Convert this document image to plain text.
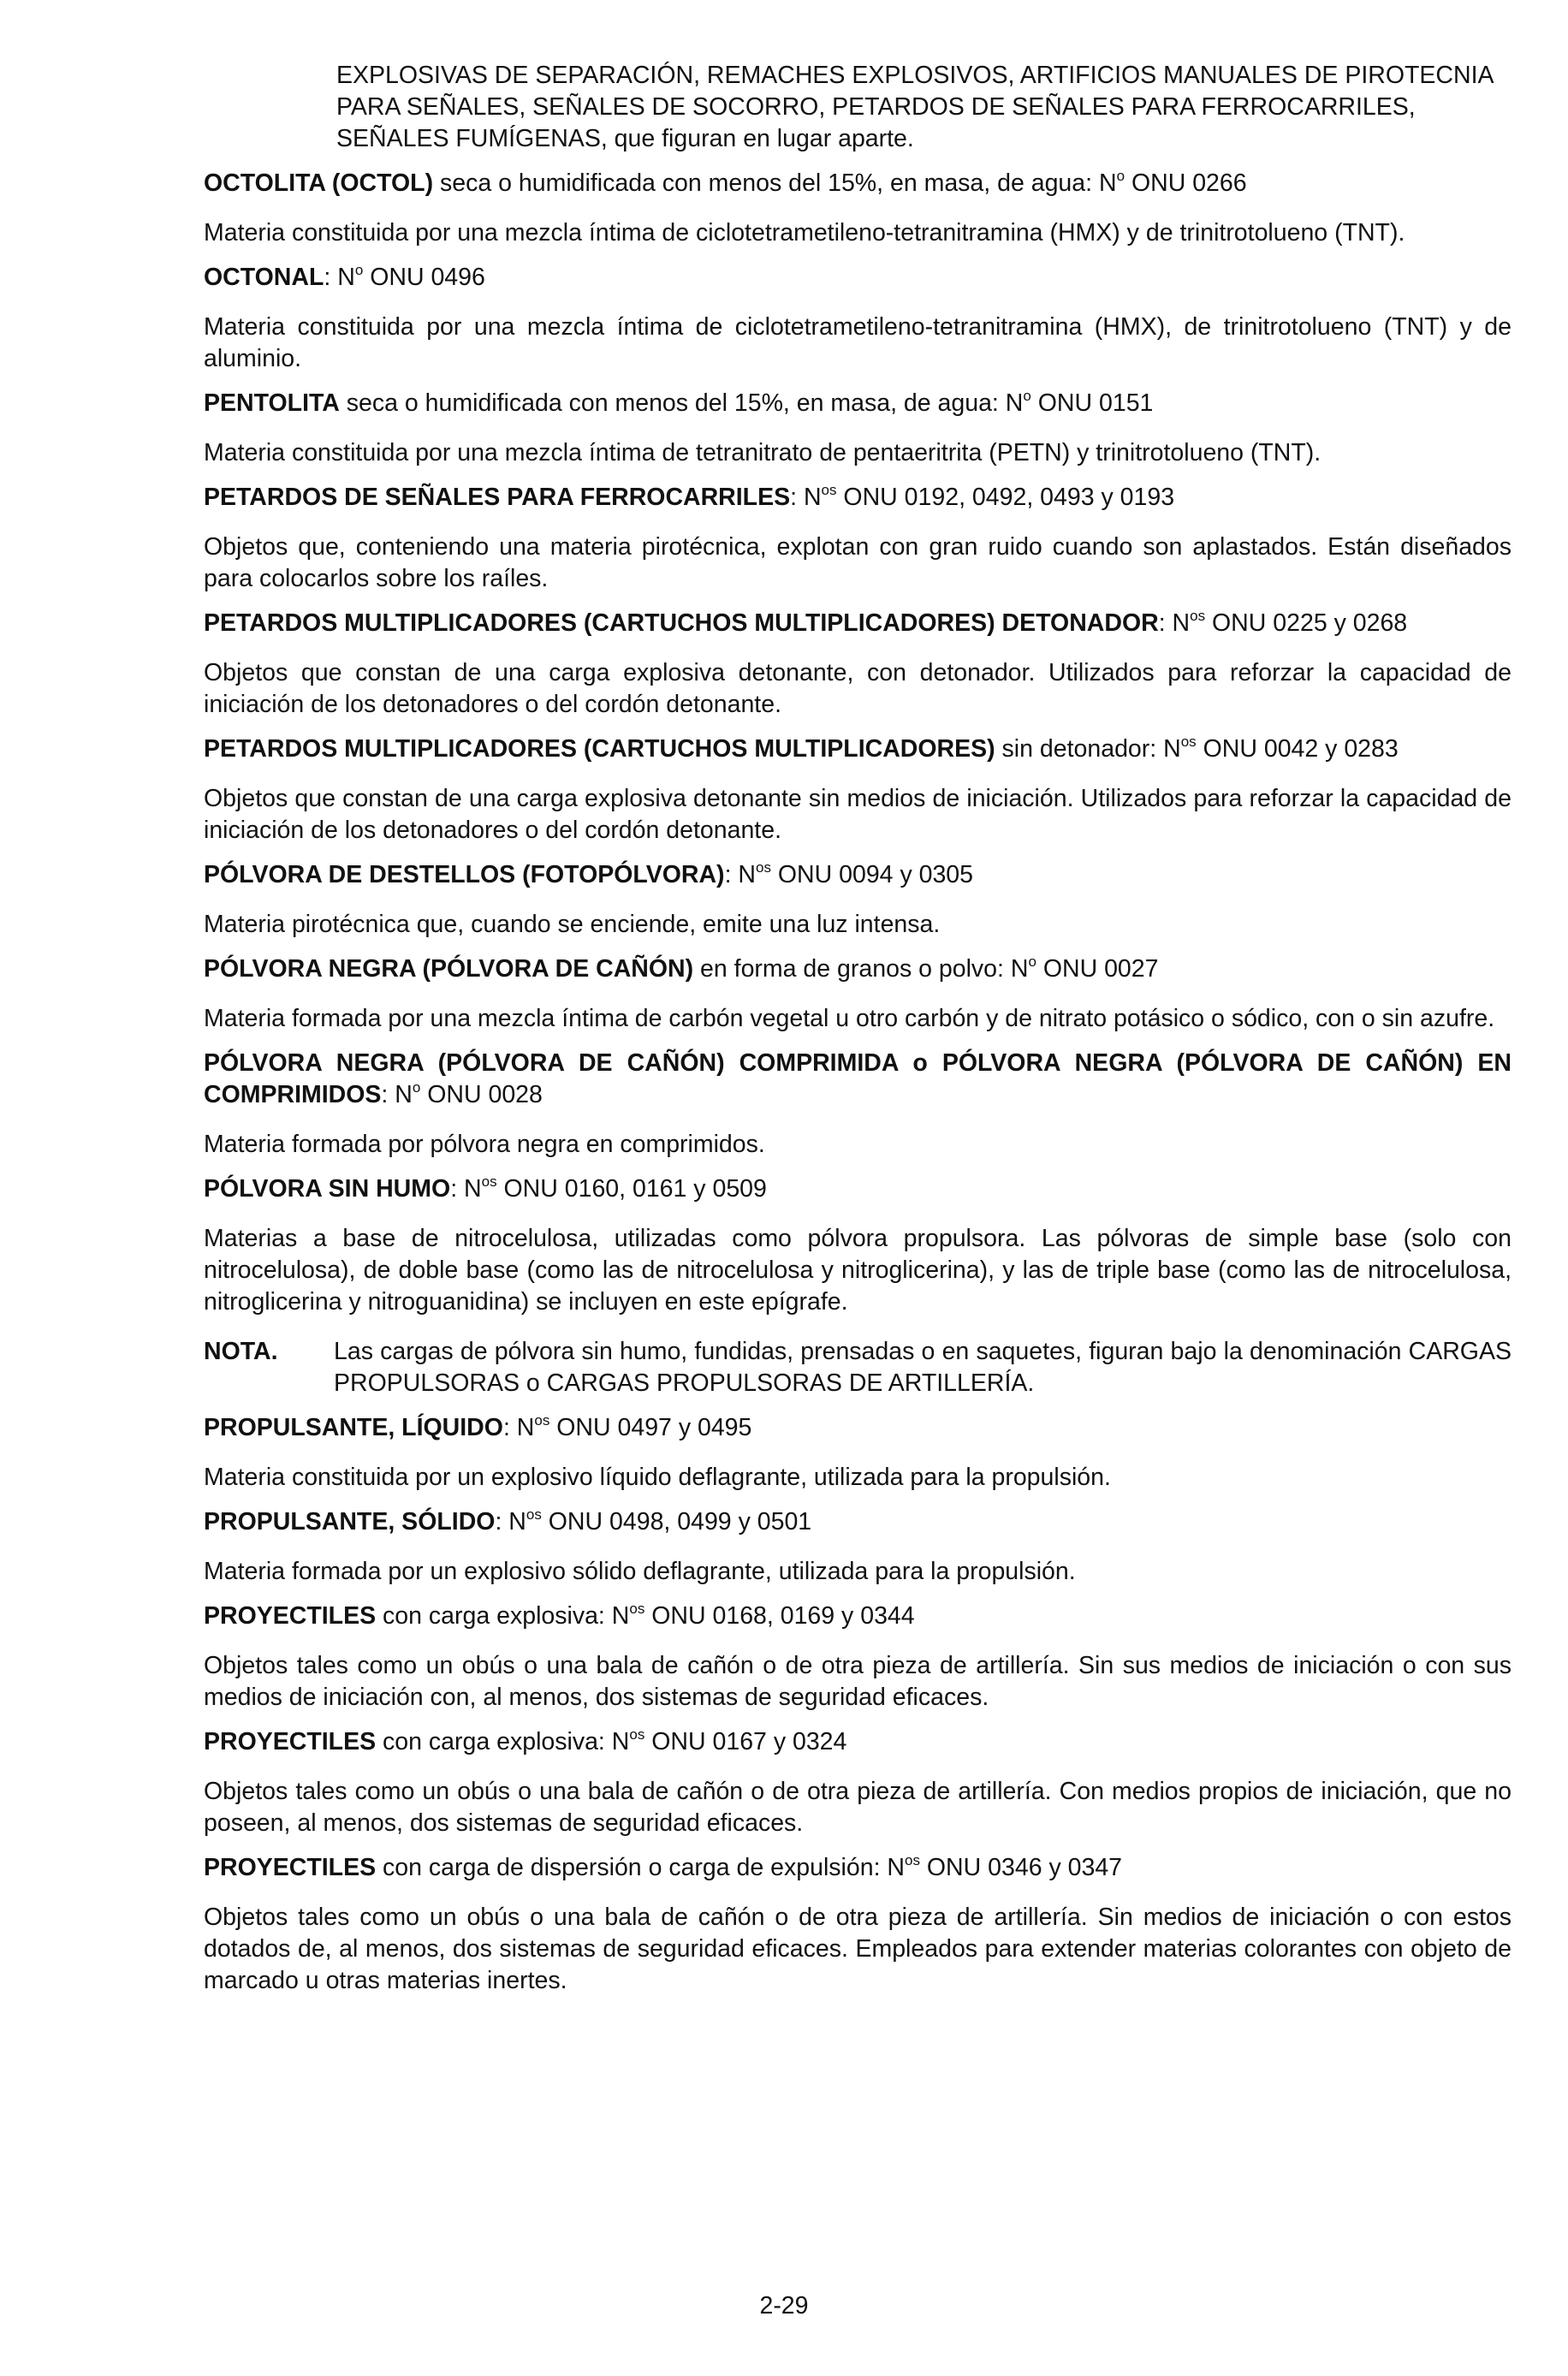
EXPLOSIVAS DE SEPARACIÓN, REMACHES EXPLOSIVOS, ARTIFICIOS MANUALES DE PIROTECNIA PARA SEÑALES, SEÑALES DE SOCORRO, PETARDOS DE SEÑALES PARA FERROCARRILES, SEÑALES FUMÍGENAS, que figuran en lugar aparte.

OCTOLITA (OCTOL) seca o humidificada con menos del 15%, en masa, de agua: $N^o$ ONU 0266

Materia constituida por una mezcla íntima de ciclotetrametileno-tetranitramina (HMX) y de trinitrotolueno (TNT).

OCTONAL: $N^o$ ONU 0496

Materia constituida por una mezcla íntima de ciclotetrametileno-tetranitramina (HMX), de trinitrotolueno (TNT) y de aluminio.

PENTOLITA seca o humidificada con menos del 15%, en masa, de agua: $N^o$ ONU 0151

Materia constituida por una mezcla íntima de tetranitrato de pentaeritrita (PETN) y trinitrotolueno (TNT).

PETARDOS DE SEÑALES PARA FERROCARRILES: $N^{os}$ ONU 0192, 0492, 0493 y 0193

Objetos que, conteniendo una materia pirotécnica, explotan con gran ruido cuando son aplastados. Están diseñados para colocarlos sobre los raíles.

PETARDOS MULTIPLICADORES (CARTUCHOS MULTIPLICADORES) DETONADOR: $N^{os}$ ONU 0225 y 0268

Objetos que constan de una carga explosiva detonante, con detonador. Utilizados para reforzar la capacidad de iniciación de los detonadores o del cordón detonante.

PETARDOS MULTIPLICADORES (CARTUCHOS MULTIPLICADORES) sin detonador: $N^{os}$ ONU 0042 y 0283

Objetos que constan de una carga explosiva detonante sin medios de iniciación. Utilizados para reforzar la capacidad de iniciación de los detonadores o del cordón detonante.

PÓLVORA DE DESTELLOS (FOTOPÓLVORA): $N^{os}$ ONU 0094 y 0305

Materia pirotécnica que, cuando se enciende, emite una luz intensa.

PÓLVORA NEGRA (PÓLVORA DE CAÑÓN) en forma de granos o polvo: $N^o$ ONU 0027

Materia formada por una mezcla íntima de carbón vegetal u otro carbón y de nitrato potásico o sódico, con o sin azufre.

PÓLVORA NEGRA (PÓLVORA DE CAÑÓN) COMPRIMIDA o PÓLVORA NEGRA (PÓLVORA DE CAÑÓN) EN COMPRIMIDOS: $N^o$ ONU 0028

Materia formada por pólvora negra en comprimidos.

PÓLVORA SIN HUMO: $N^{os}$ ONU 0160, 0161 y 0509

Materias a base de nitrocelulosa, utilizadas como pólvora propulsora. Las pólvoras de simple base (solo con nitrocelulosa), de doble base (como las de nitrocelulosa y nitroglicerina), y las de triple base (como las de nitrocelulosa, nitroglicerina y nitroguanidina) se incluyen en este epígrafe.

NOTA.	Las cargas de pólvora sin humo, fundidas, prensadas o en saquetes, figuran bajo la denominación CARGAS PROPULSORAS o CARGAS PROPULSORAS DE ARTILLERÍA.

PROPULSANTE, LÍQUIDO: $N^{os}$ ONU 0497 y 0495

Materia constituida por un explosivo líquido deflagrante, utilizada para la propulsión.

PROPULSANTE, SÓLIDO: $N^{os}$ ONU 0498, 0499 y 0501

Materia formada por un explosivo sólido deflagrante, utilizada para la propulsión.

PROYECTILES con carga explosiva: $N^{os}$ ONU 0168, 0169 y 0344

Objetos tales como un obús o una bala de cañón o de otra pieza de artillería. Sin sus medios de iniciación o con sus medios de iniciación con, al menos, dos sistemas de seguridad eficaces.

PROYECTILES con carga explosiva: $N^{os}$ ONU 0167 y 0324

Objetos tales como un obús o una bala de cañón o de otra pieza de artillería. Con medios propios de iniciación, que no poseen, al menos, dos sistemas de seguridad eficaces.

PROYECTILES con carga de dispersión o carga de expulsión: $N^{os}$ ONU 0346 y 0347

Objetos tales como un obús o una bala de cañón o de otra pieza de artillería. Sin medios de iniciación o con estos dotados de, al menos, dos sistemas de seguridad eficaces. Empleados para extender materias colorantes con objeto de marcado u otras materias inertes.

2-29
